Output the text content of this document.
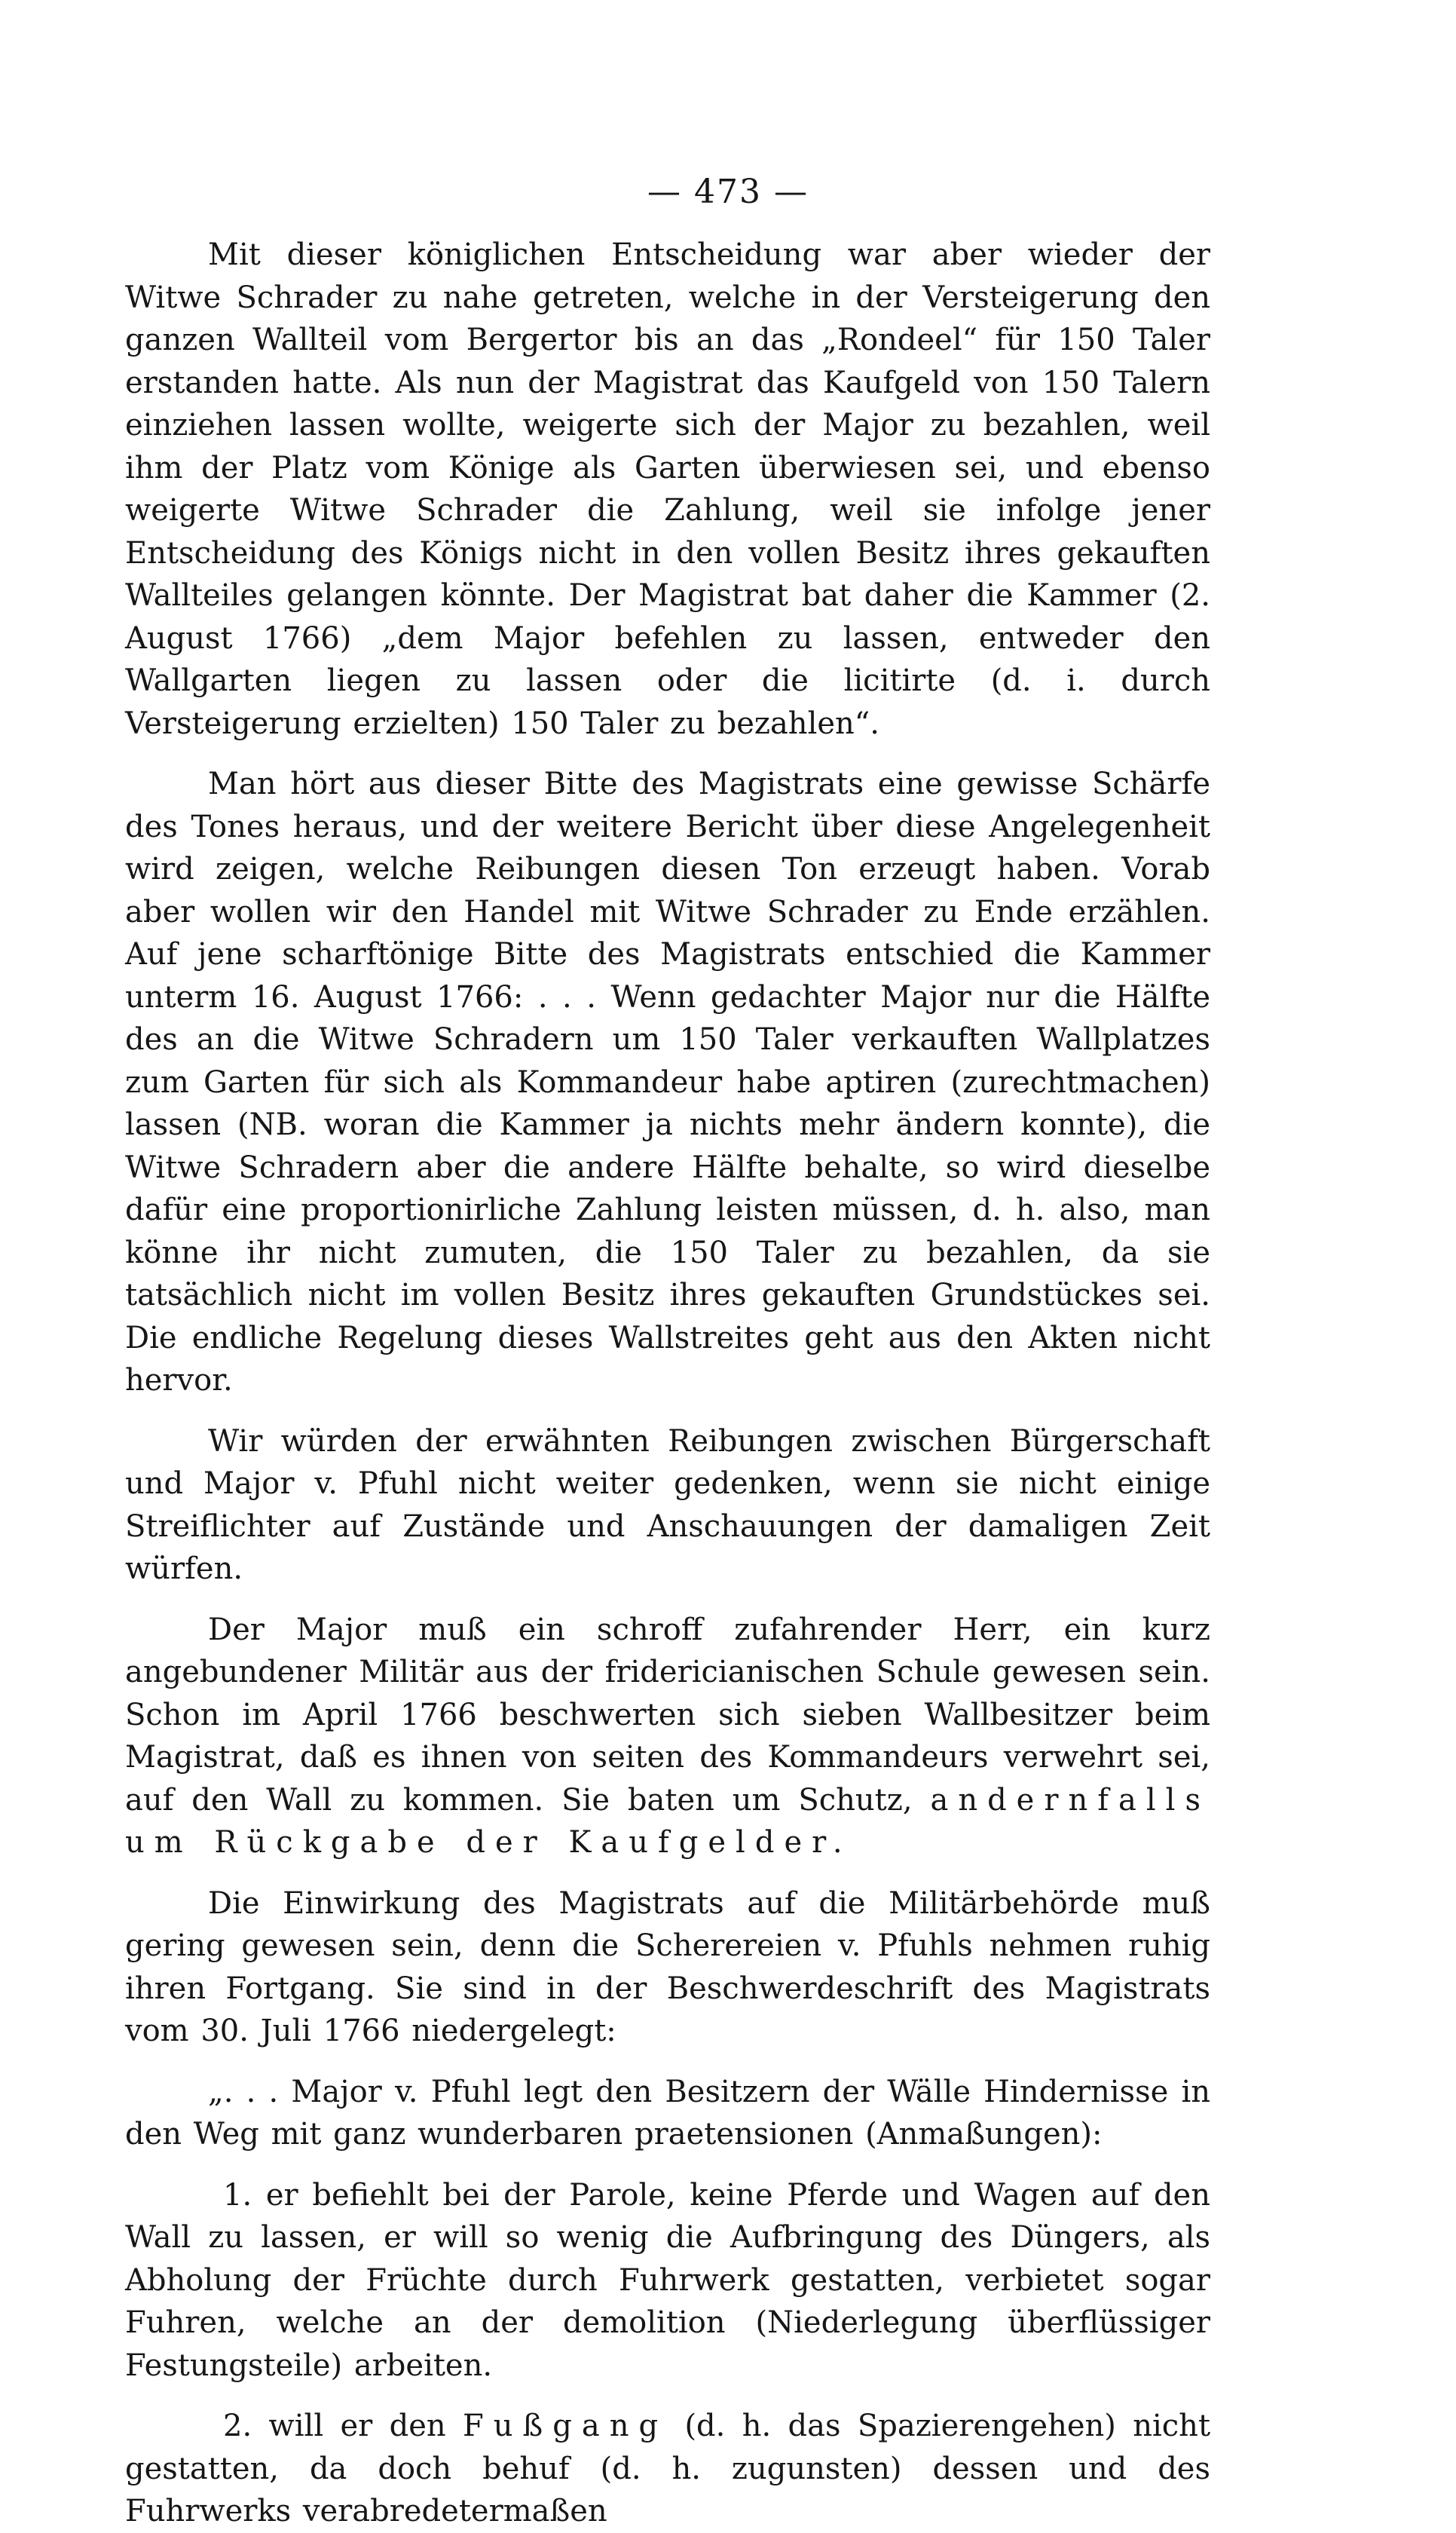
— 473 —

Mit dieser königlichen Entscheidung war aber wieder der Witwe Schrader zu nahe getreten, welche in der Versteigerung den ganzen Wallteil vom Bergertor bis an das „Rondeel“ für 150 Taler erstanden hatte. Als nun der Magistrat das Kaufgeld von 150 Talern einziehen lassen wollte, weigerte sich der Major zu bezahlen, weil ihm der Platz vom Könige als Garten überwiesen sei, und ebenso weigerte Witwe Schrader die Zahlung, weil sie infolge jener Entscheidung des Königs nicht in den vollen Besitz ihres gekauften Wallteiles gelangen könnte. Der Magistrat bat daher die Kammer (2. August 1766) „dem Major befehlen zu lassen, entweder den Wallgarten liegen zu lassen oder die licitirte (d. i. durch Versteigerung erzielten) 150 Taler zu bezahlen“.

Man hört aus dieser Bitte des Magistrats eine gewisse Schärfe des Tones heraus, und der weitere Bericht über diese Angelegenheit wird zeigen, welche Reibungen diesen Ton erzeugt haben. Vorab aber wollen wir den Handel mit Witwe Schrader zu Ende erzählen. Auf jene scharftönige Bitte des Magistrats entschied die Kammer unterm 16. August 1766: . . . Wenn gedachter Major nur die Hälfte des an die Witwe Schradern um 150 Taler verkauften Wallplatzes zum Garten für sich als Kommandeur habe aptiren (zurechtmachen) lassen (NB. woran die Kammer ja nichts mehr ändern konnte), die Witwe Schradern aber die andere Hälfte behalte, so wird dieselbe dafür eine proportionirliche Zahlung leisten müssen, d. h. also, man könne ihr nicht zumuten, die 150 Taler zu bezahlen, da sie tatsächlich nicht im vollen Besitz ihres gekauften Grundstückes sei. Die endliche Regelung dieses Wallstreites geht aus den Akten nicht hervor.

Wir würden der erwähnten Reibungen zwischen Bürgerschaft und Major v. Pfuhl nicht weiter gedenken, wenn sie nicht einige Streiflichter auf Zustände und Anschauungen der damaligen Zeit würfen.

Der Major muß ein schroff zufahrender Herr, ein kurz angebundener Militär aus der fridericianischen Schule gewesen sein. Schon im April 1766 beschwerten sich sieben Wallbesitzer beim Magistrat, daß es ihnen von seiten des Kommandeurs verwehrt sei, auf den Wall zu kommen. Sie baten um Schutz, andernfalls um Rückgabe der Kaufgelder.

Die Einwirkung des Magistrats auf die Militärbehörde muß gering gewesen sein, denn die Scherereien v. Pfuhls nehmen ruhig ihren Fortgang. Sie sind in der Beschwerdeschrift des Magistrats vom 30. Juli 1766 niedergelegt:

„. . . Major v. Pfuhl legt den Besitzern der Wälle Hindernisse in den Weg mit ganz wunderbaren praetensionen (Anmaßungen):

1. er befiehlt bei der Parole, keine Pferde und Wagen auf den Wall zu lassen, er will so wenig die Aufbringung des Düngers, als Abholung der Früchte durch Fuhrwerk gestatten, verbietet sogar Fuhren, welche an der demolition (Niederlegung überflüssiger Festungsteile) arbeiten.

2. will er den Fußgang (d. h. das Spazierengehen) nicht gestatten, da doch behuf (d. h. zugunsten) dessen und des Fuhrwerks verabredetermaßen
